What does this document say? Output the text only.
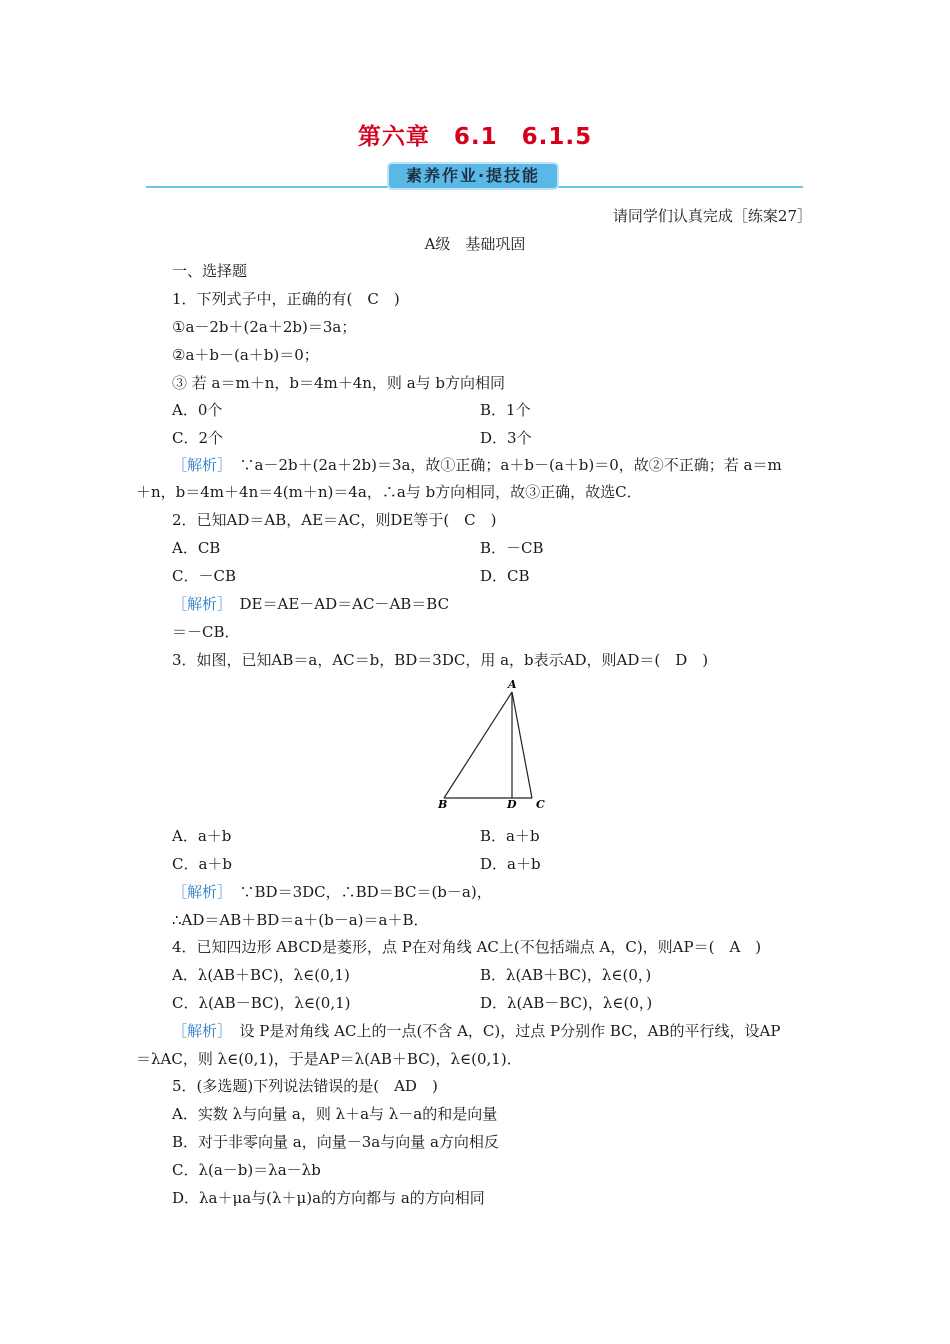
第六章　6.1　6.1.5
素养作业·提技能
请同学们认真完成［练案27］
A级　基础巩固
一、选择题
1．下列式子中，正确的有(　C　)
①a－2b＋(2a＋2b)＝3a；
②a＋b－(a＋b)＝0；
③ 若 a＝m＋n，b＝4m＋4n，则 a与 b方向相同
A．0个	B．1个
C．2个	D．3个
［解析］　∵a－2b＋(2a＋2b)＝3a，故①正确；a＋b－(a＋b)＝0，故②不正确；若 a＝m
＋n，b＝4m＋4n＝4(m＋n)＝4a，∴a与 b方向相同，故③正确，故选C．
2．已知AD＝AB，AE＝AC，则DE等于(　C　)
A．CB	B．－CB
C．－CB	D．CB
［解析］　DE＝AE－AD＝AC－AB＝BC
＝－CB．
3．如图，已知AB＝a，AC＝b，BD＝3DC，用 a，b表示AD，则AD＝(　D　)
A
B	D C
A．a＋b	B．a＋b
C．a＋b	D．a＋b
［解析］　∵BD＝3DC，∴BD＝BC＝(b－a)，
∴AD＝AB＋BD＝a＋(b－a)＝a＋B．
4．已知四边形 ABCD是菱形，点 P在对角线 AC上(不包括端点 A，C)，则AP＝(　A　)
A．λ(AB＋BC)，λ∈(0,1)	B．λ(AB＋BC)，λ∈(0，)
C．λ(AB－BC)，λ∈(0,1)	D．λ(AB－BC)，λ∈(0，)
［解析］　设 P是对角线 AC上的一点(不含 A，C)，过点 P分别作 BC，AB的平行线，设AP
＝λAC，则 λ∈(0,1)，于是AP＝λ(AB＋BC)，λ∈(0,1)．
5．(多选题)下列说法错误的是(　AD　)
A．实数 λ与向量 a，则 λ＋a与 λ－a的和是向量
B．对于非零向量 a，向量－3a与向量 a方向相反
C．λ(a－b)＝λa－λb
D．λa＋μa与(λ＋μ)a的方向都与 a的方向相同
